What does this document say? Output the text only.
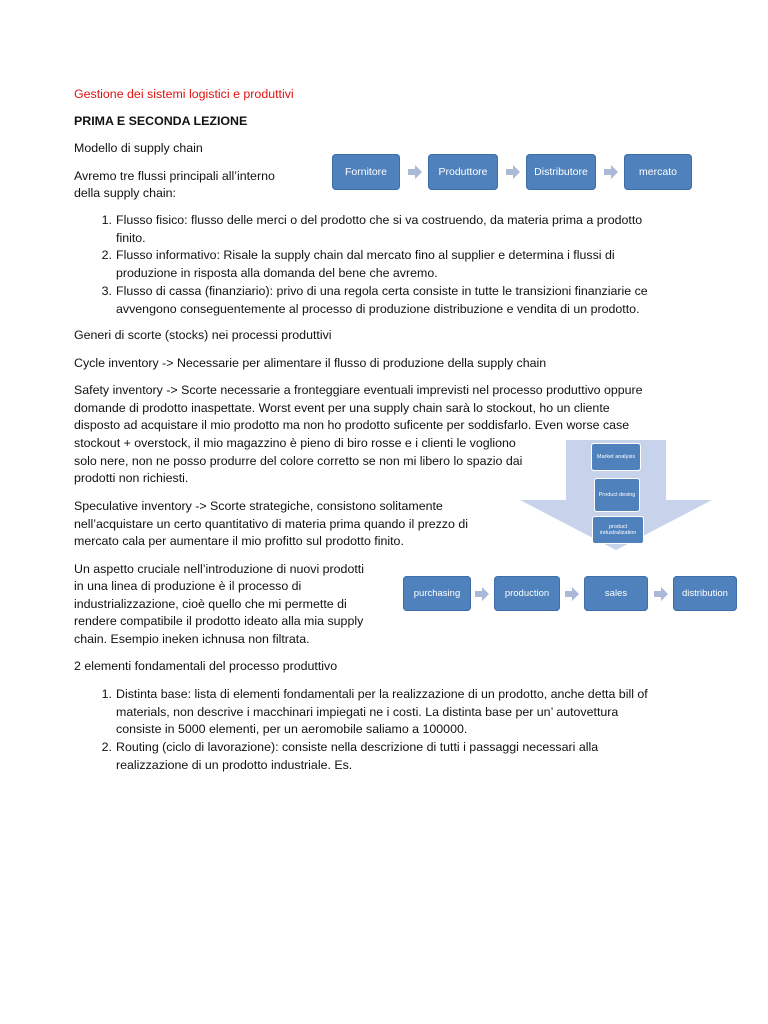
Gestione dei sistemi logistici e produttivi
PRIMA E SECONDA LEZIONE
Modello di supply chain
Avremo tre flussi principali all’interno
della supply chain:
Fornitore	Produttore	Distributore	mercato
1. Flusso fisico: flusso delle merci o del prodotto che si va costruendo, da materia prima a prodotto
finito.
2. Flusso informativo: Risale la supply chain dal mercato fino al supplier e determina i flussi di
produzione in risposta alla domanda del bene che avremo.
3. Flusso di cassa (finanziario): privo di una regola certa consiste in tutte le transizioni finanziarie ce
avvengono conseguentemente al processo di produzione distribuzione e vendita di un prodotto.
Generi di scorte (stocks) nei processi produttivi
Cycle inventory -> Necessarie per alimentare il flusso di produzione della supply chain
Safety inventory -> Scorte necessarie a fronteggiare eventuali imprevisti nel processo produttivo oppure
domande di prodotto inaspettate. Worst event per una supply chain sarà lo stockout, ho un cliente
disposto ad acquistare il mio prodotto ma non ho prodotto suficente per soddisfarlo. Even worse case
stockout + overstock, il mio magazzino è pieno di biro rosse e i clienti le vogliono
solo nere, non ne posso produrre del colore corretto se non mi libero lo spazio dai
prodotti non richiesti.
Market analysis
Product desing
product industralization
Speculative inventory -> Scorte strategiche, consistono solitamente
nell’acquistare un certo quantitativo di materia prima quando il prezzo di
mercato cala per aumentare il mio profitto sul prodotto finito.
Un aspetto cruciale nell’introduzione di nuovi prodotti
in una linea di produzione è il processo di
industrializzazione, cioè quello che mi permette di
rendere compatibile il prodotto ideato alla mia supply
chain. Esempio ineken ichnusa non filtrata.
purchasing	production	sales	distribution
2 elementi fondamentali del processo produttivo
1. Distinta base: lista di elementi fondamentali per la realizzazione di un prodotto, anche detta bill of
materials, non descrive i macchinari impiegati ne i costi. La distinta base per un’ autovettura
consiste in 5000 elementi, per un aeromobile saliamo a 100000.
2. Routing (ciclo di lavorazione): consiste nella descrizione di tutti i passaggi necessari alla
realizzazione di un prodotto industriale. Es.
